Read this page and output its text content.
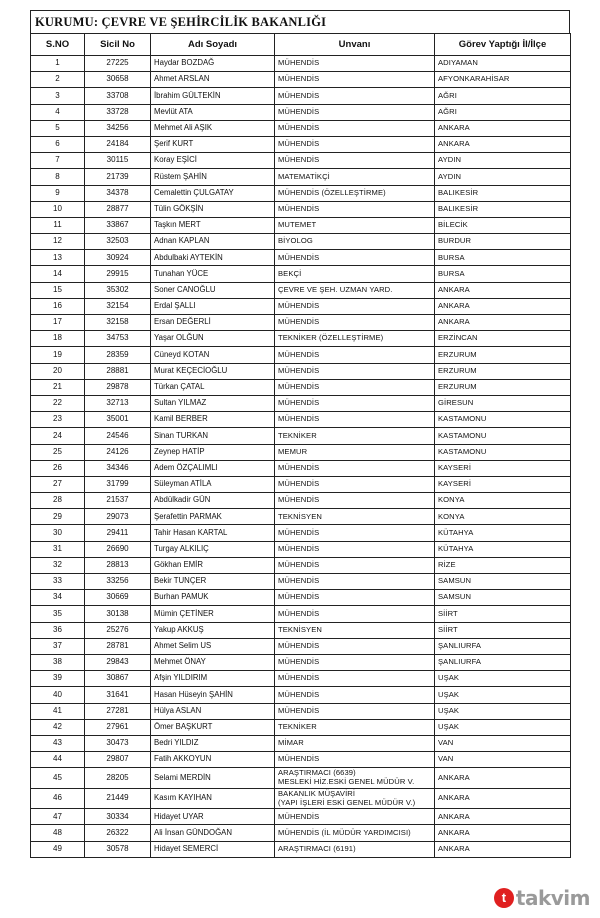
KURUMU: ÇEVRE VE ŞEHİRCİLİK BAKANLIĞI
S.NO	Sicil No	Adı Soyadı	Unvanı	Görev Yaptığı İl/İlçe
1	27225	Haydar BOZDAĞ	MÜHENDİS	ADIYAMAN
2	30658	Ahmet ARSLAN	MÜHENDİS	AFYONKARAHİSAR
3	33708	İbrahim GÜLTEKİN	MÜHENDİS	AĞRI
4	33728	Mevlüt ATA	MÜHENDİS	AĞRI
5	34256	Mehmet Ali AŞIK	MÜHENDİS	ANKARA
6	24184	Şerif KURT	MÜHENDİS	ANKARA
7	30115	Koray EŞİCİ	MÜHENDİS	AYDIN
8	21739	Rüstem ŞAHİN	MATEMATİKÇİ	AYDIN
9	34378	Cemalettin ÇULGATAY	MÜHENDİS (ÖZELLEŞTİRME)	BALIKESİR
10	28877	Tülin GÖKŞİN	MÜHENDİS	BALIKESİR
11	33867	Taşkın MERT	MUTEMET	BİLECİK
12	32503	Adnan KAPLAN	BİYOLOG	BURDUR
13	30924	Abdulbaki AYTEKİN	MÜHENDİS	BURSA
14	29915	Tunahan YÜCE	BEKÇİ	BURSA
15	35302	Soner CANOĞLU	ÇEVRE VE ŞEH. UZMAN YARD.	ANKARA
16	32154	Erdal ŞALLI	MÜHENDİS	ANKARA
17	32158	Ersan DEĞERLİ	MÜHENDİS	ANKARA
18	34753	Yaşar OLĞUN	TEKNİKER (ÖZELLEŞTİRME)	ERZİNCAN
19	28359	Cüneyd KOTAN	MÜHENDİS	ERZURUM
20	28881	Murat KEÇECİOĞLU	MÜHENDİS	ERZURUM
21	29878	Türkan ÇATAL	MÜHENDİS	ERZURUM
22	32713	Sultan YILMAZ	MÜHENDİS	GİRESUN
23	35001	Kamil BERBER	MÜHENDİS	KASTAMONU
24	24546	Sinan TURKAN	TEKNİKER	KASTAMONU
25	24126	Zeynep HATİP	MEMUR	KASTAMONU
26	34346	Adem ÖZÇALIMLI	MÜHENDİS	KAYSERİ
27	31799	Süleyman ATİLA	MÜHENDİS	KAYSERİ
28	21537	Abdülkadir GÜN	MÜHENDİS	KONYA
29	29073	Şerafettin PARMAK	TEKNİSYEN	KONYA
30	29411	Tahir Hasan KARTAL	MÜHENDİS	KÜTAHYA
31	26690	Turgay ALKILIÇ	MÜHENDİS	KÜTAHYA
32	28813	Gökhan EMİR	MÜHENDİS	RİZE
33	33256	Bekir TUNÇER	MÜHENDİS	SAMSUN
34	30669	Burhan PAMUK	MÜHENDİS	SAMSUN
35	30138	Mümin ÇETİNER	MÜHENDİS	SİİRT
36	25276	Yakup AKKUŞ	TEKNİSYEN	SİİRT
37	28781	Ahmet Selim US	MÜHENDİS	ŞANLIURFA
38	29843	Mehmet ÖNAY	MÜHENDİS	ŞANLIURFA
39	30867	Afşin YILDIRIM	MÜHENDİS	UŞAK
40	31641	Hasan Hüseyin ŞAHİN	MÜHENDİS	UŞAK
41	27281	Hülya ASLAN	MÜHENDİS	UŞAK
42	27961	Ömer BAŞKURT	TEKNİKER	UŞAK
43	30473	Bedri YILDIZ	MİMAR	VAN
44	29807	Fatih AKKOYUN	MÜHENDİS	VAN
45	28205	Selami MERDİN	ARAŞTIRMACI (6639)
MESLEKİ HİZ.ESKİ GENEL MÜDÜR V.	ANKARA
46	21449	Kasım KAYIHAN	BAKANLIK MÜŞAVİRİ
(YAPI İŞLERİ ESKİ GENEL MÜDÜR V.)	ANKARA
47	30334	Hidayet UYAR	MÜHENDİS	ANKARA
48	26322	Ali İnsan GÜNDOĞAN	MÜHENDİS (İL MÜDÜR YARDIMCISI)	ANKARA
49	30578	Hidayet SEMERCİ	ARAŞTIRMACI (6191)	ANKARA
t takvim
